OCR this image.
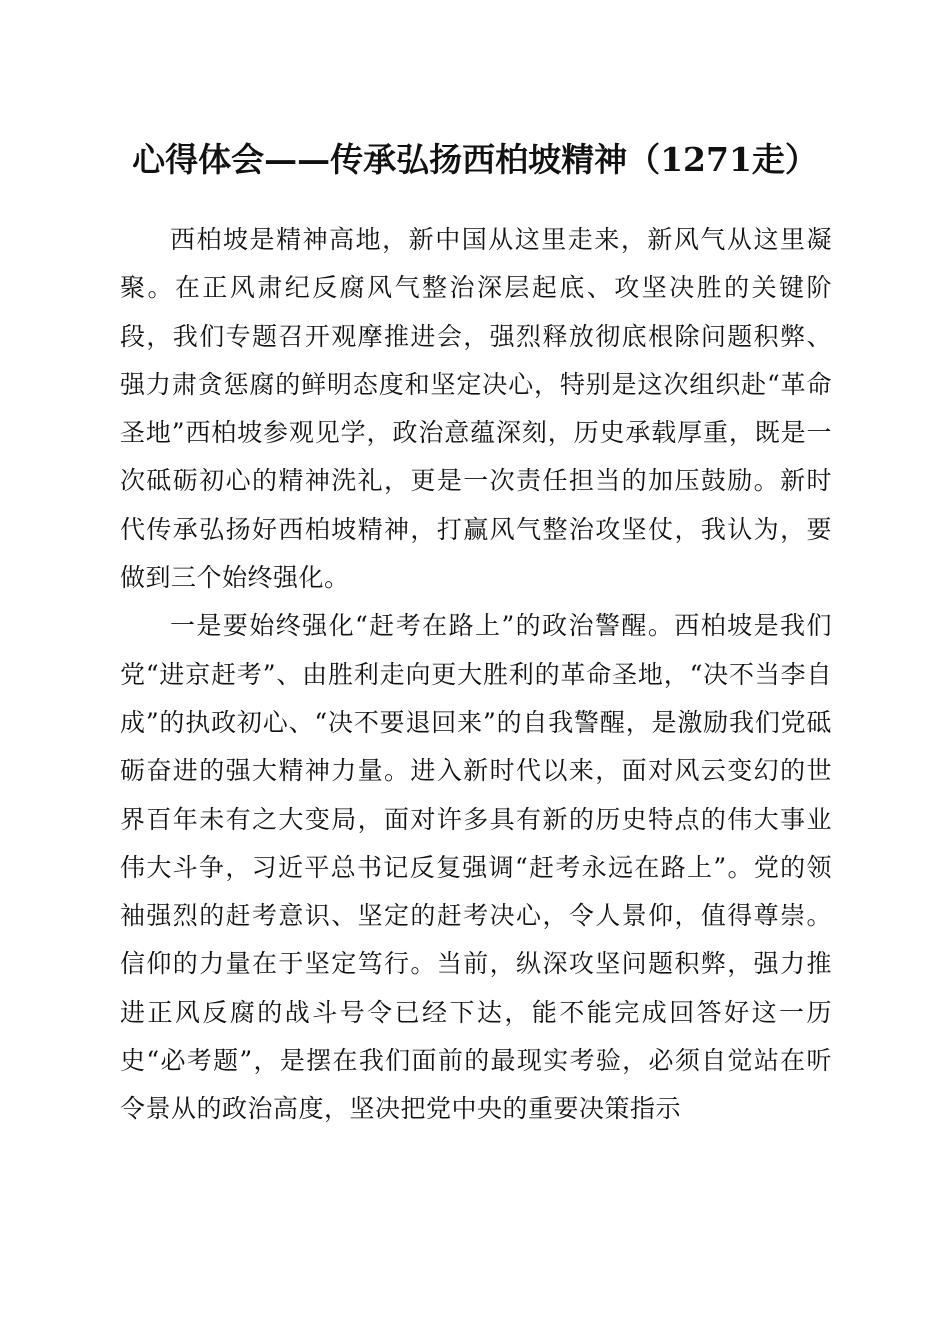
心得体会——传承弘扬西柏坡精神（1271走）

西柏坡是精神高地，新中国从这里走来，新风气从这里凝聚。在正风肃纪反腐风气整治深层起底、攻坚决胜的关键阶段，我们专题召开观摩推进会，强烈释放彻底根除问题积弊、强力肃贪惩腐的鲜明态度和坚定决心，特别是这次组织赴“革命圣地”西柏坡参观见学，政治意蕴深刻，历史承载厚重，既是一次砥砺初心的精神洗礼，更是一次责任担当的加压鼓励。新时代传承弘扬好西柏坡精神，打赢风气整治攻坚仗，我认为，要做到三个始终强化。

一是要始终强化“赶考在路上”的政治警醒。西柏坡是我们党“进京赶考”、由胜利走向更大胜利的革命圣地，“决不当李自成”的执政初心、“决不要退回来”的自我警醒，是激励我们党砥砺奋进的强大精神力量。进入新时代以来，面对风云变幻的世界百年未有之大变局，面对许多具有新的历史特点的伟大事业伟大斗争，习近平总书记反复强调“赶考永远在路上”。党的领袖强烈的赶考意识、坚定的赶考决心，令人景仰，值得尊崇。信仰的力量在于坚定笃行。当前，纵深攻坚问题积弊，强力推进正风反腐的战斗号令已经下达，能不能完成回答好这一历史“必考题”，是摆在我们面前的最现实考验，必须自觉站在听令景从的政治高度，坚决把党中央的重要决策指示
